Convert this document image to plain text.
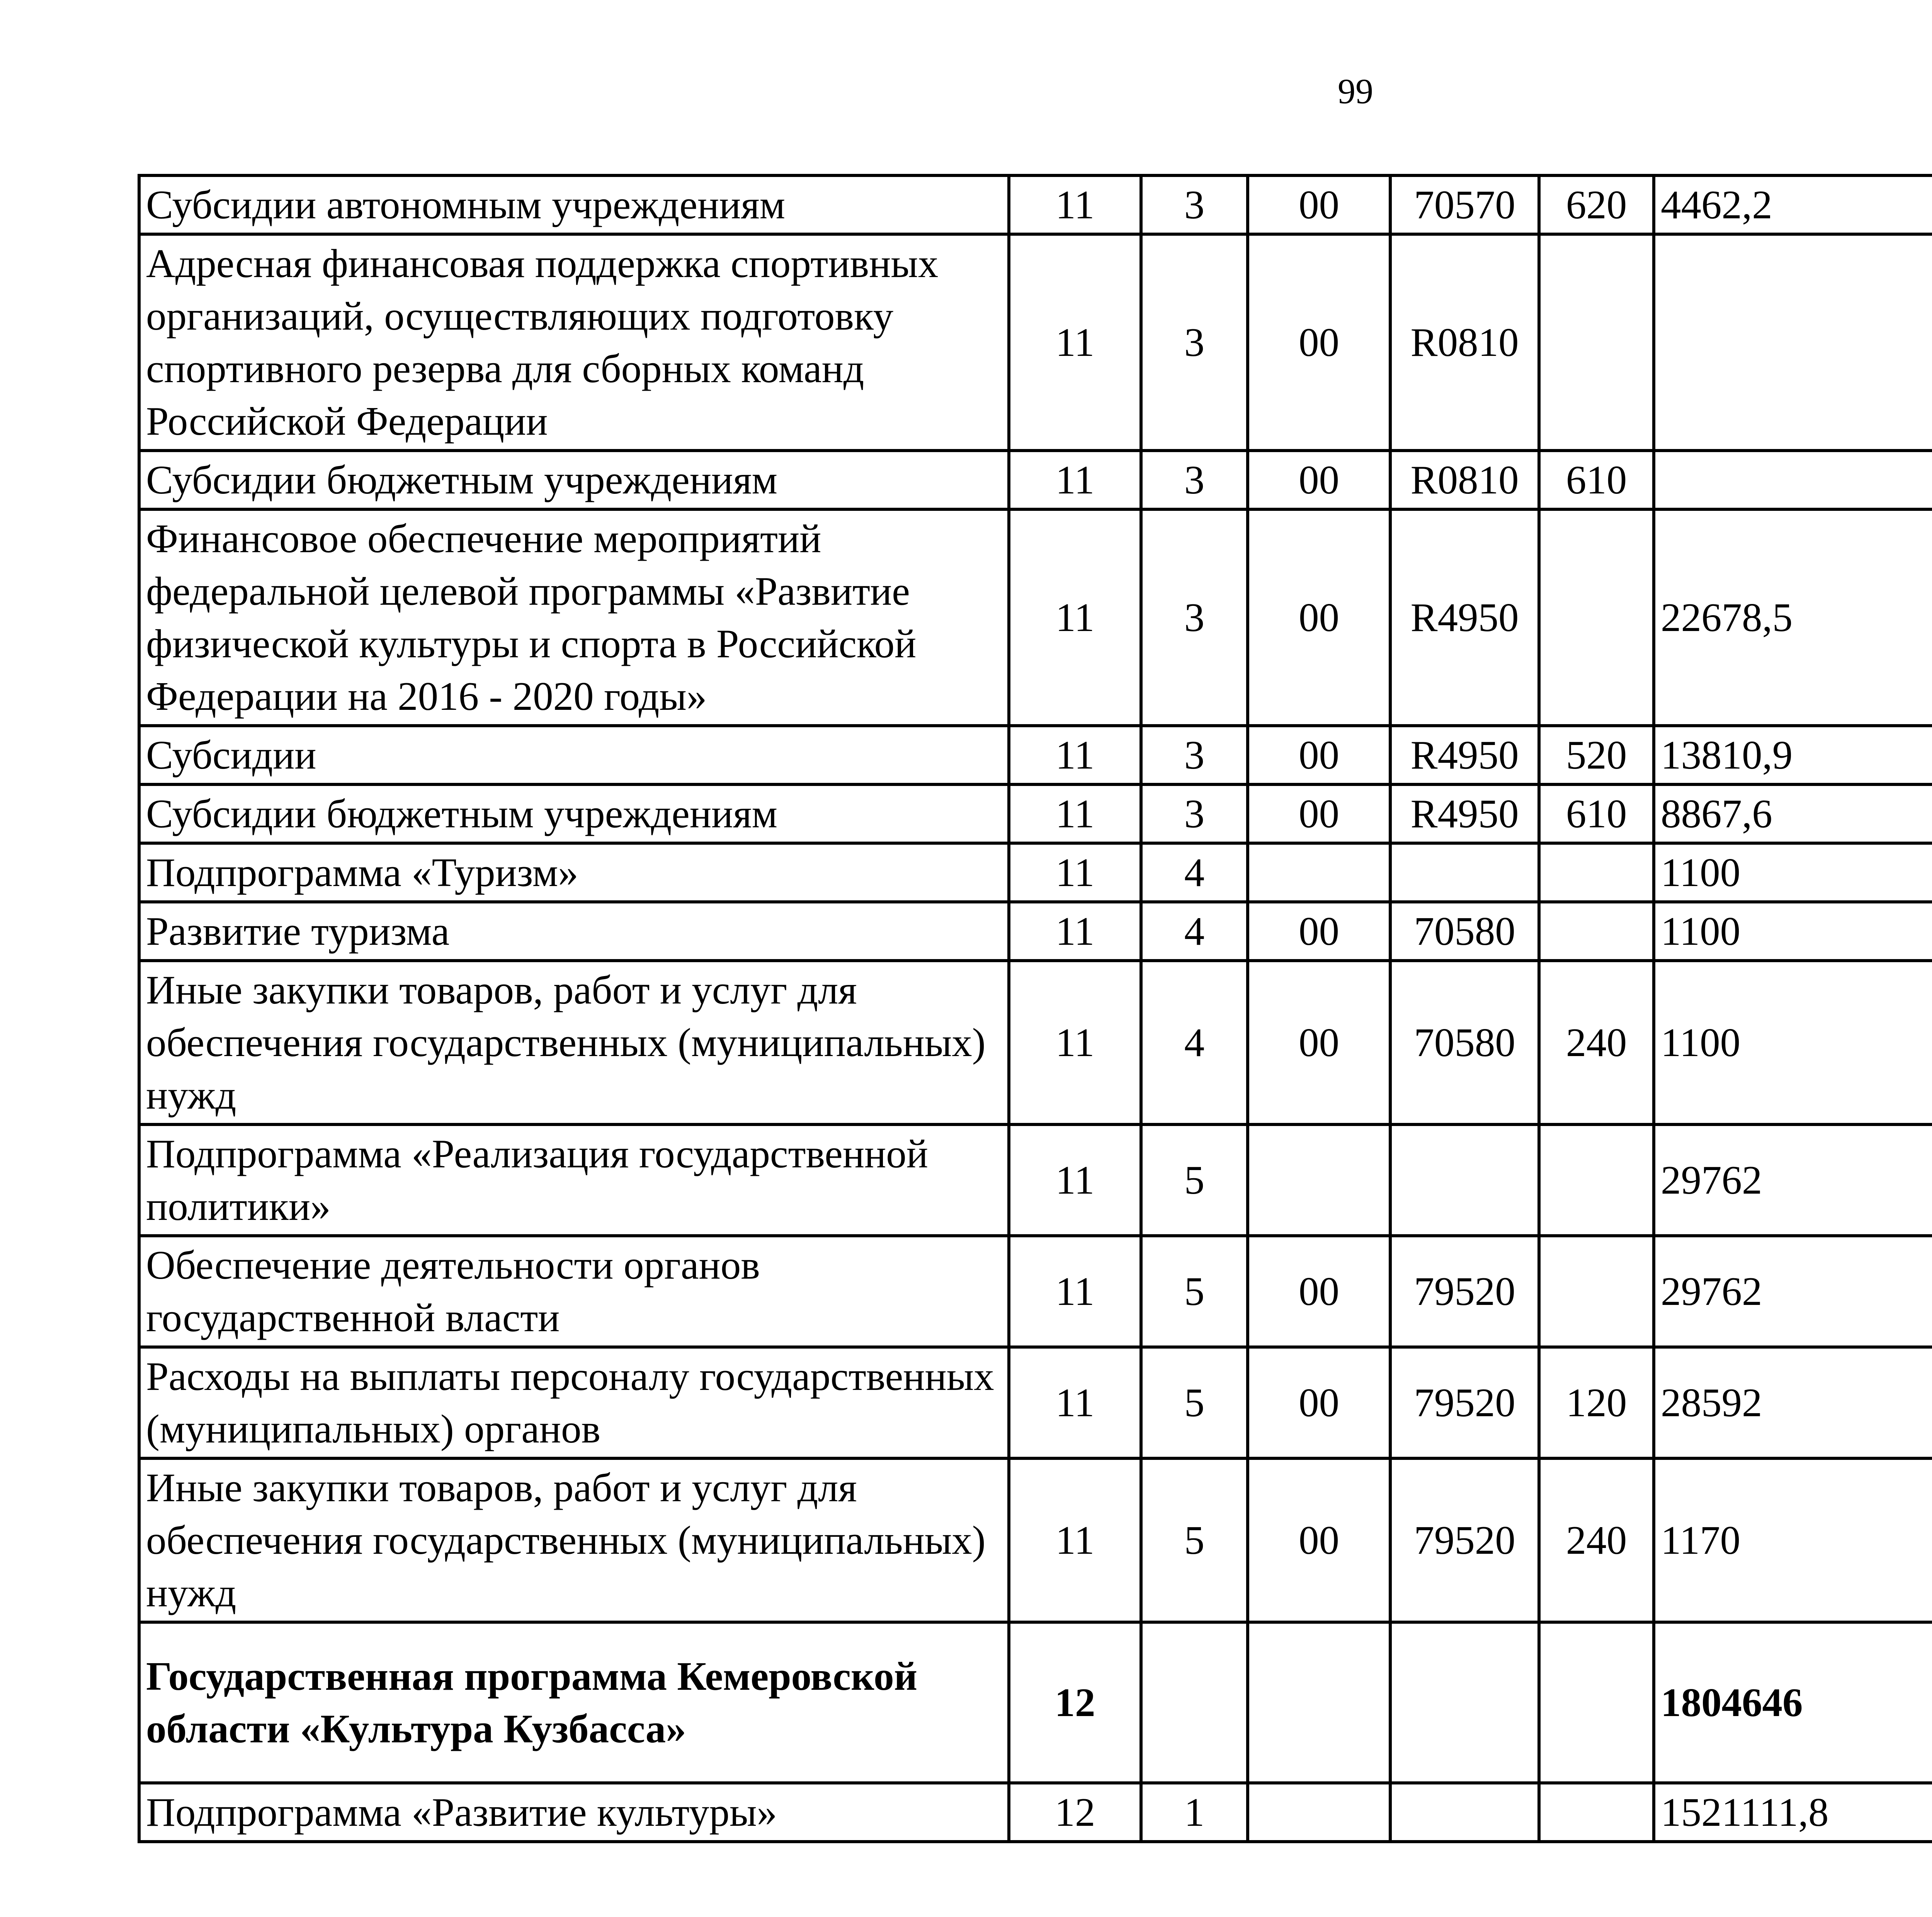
99
Субсидии автономным учреждениям	11	3	00	70570	620	4462,2		
Адресная финансовая поддержка спортивных организаций, осуществляющих подготовку спортивного резерва для сборных команд Российской Федерации	11	3	00	R0810				
Субсидии бюджетным учреждениям	11	3	00	R0810	610			
Финансовое обеспечение мероприятий федеральной целевой программы «Развитие физической культуры и спорта в Российской Федерации на 2016 - 2020 годы»	11	3	00	R4950		22678,5		
Субсидии	11	3	00	R4950	520	13810,9		
Субсидии бюджетным учреждениям	11	3	00	R4950	610	8867,6		
Подпрограмма «Туризм»	11	4				1100		
Развитие туризма	11	4	00	70580		1100		
Иные закупки товаров, работ и услуг для обеспечения государственных (муниципальных) нужд	11	4	00	70580	240	1100		
Подпрограмма «Реализация государственной политики»	11	5				29762		
Обеспечение деятельности органов государственной власти	11	5	00	79520		29762		
Расходы на выплаты персоналу государственных (муниципальных) органов	11	5	00	79520	120	28592		
Иные закупки товаров, работ и услуг для обеспечения государственных (муниципальных) нужд	11	5	00	79520	240	1170		
Государственная программа Кемеровской области «Культура Кузбасса»	12					1804646		
Подпрограмма «Развитие культуры»	12	1				1521111,8		
